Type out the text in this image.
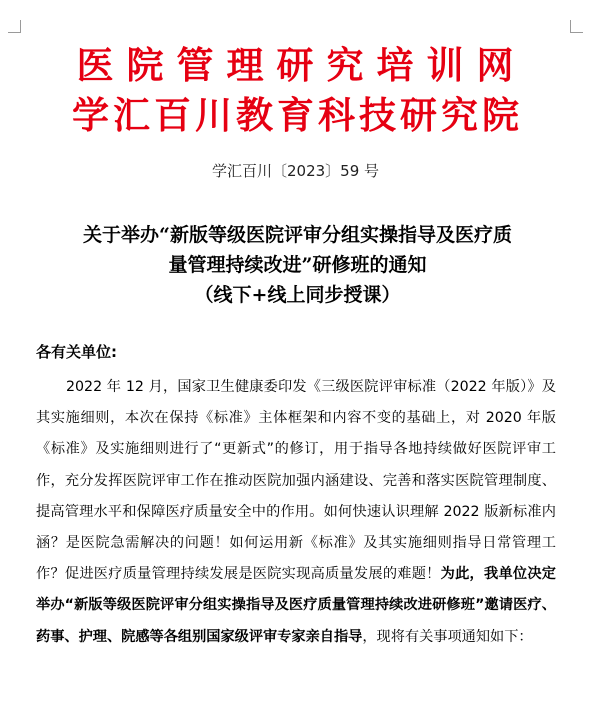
医院管理研究培训网
学汇百川教育科技研究院
学汇百川〔2023〕59 号
关于举办“新版等级医院评审分组实操指导及医疗质
量管理持续改进”研修班的通知
（线下+线上同步授课）
各有关单位:
2022 年 12 月，国家卫生健康委印发《三级医院评审标准（2022 年版）》及其实施细则，本次在保持《标准》主体框架和内容不变的基础上，对 2020 年版《标准》及实施细则进行了“更新式”的修订，用于指导各地持续做好医院评审工作，充分发挥医院评审工作在推动医院加强内涵建设、完善和落实医院管理制度、提高管理水平和保障医疗质量安全中的作用。如何快速认识理解 2022 版新标准内涵？是医院急需解决的问题！如何运用新《标准》及其实施细则指导日常管理工作？促进医疗质量管理持续发展是医院实现高质量发展的难题！为此，我单位决定举办“新版等级医院评审分组实操指导及医疗质量管理持续改进研修班”邀请医疗、药事、护理、院感等各组别国家级评审专家亲自指导，现将有关事项通知如下：
